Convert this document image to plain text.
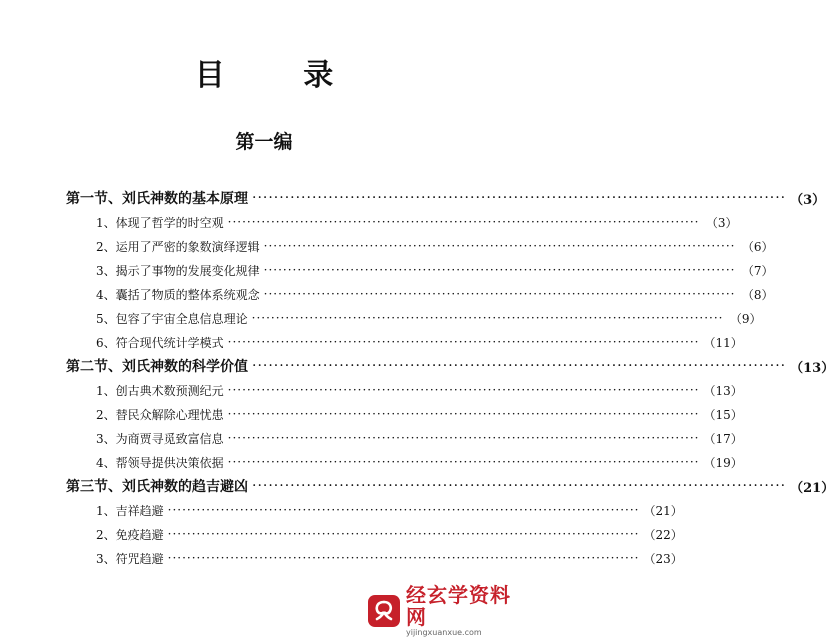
目 录
第一编
第一节、刘氏神数的基本原理 ·································································································· （3）
1、体现了哲学的时空观 ·································································································· （3）
2、运用了严密的象数演绎逻辑 ·································································································· （6）
3、揭示了事物的发展变化规律 ·································································································· （7）
4、囊括了物质的整体系统观念 ·································································································· （8）
5、包容了宇宙全息信息理论 ·································································································· （9）
6、符合现代统计学模式 ·································································································· （11）
第二节、刘氏神数的科学价值 ·································································································· （13）
1、创古典术数预测纪元 ·································································································· （13）
2、替民众解除心理忧患 ·································································································· （15）
3、为商贾寻觅致富信息 ·································································································· （17）
4、帮领导提供决策依据 ·································································································· （19）
第三节、刘氏神数的趋吉避凶 ·································································································· （21）
1、吉祥趋避 ·································································································· （21）
2、免疫趋避 ·································································································· （22）
3、符咒趋避 ·································································································· （23）
经玄学资料网
yijingxuanxue.com
